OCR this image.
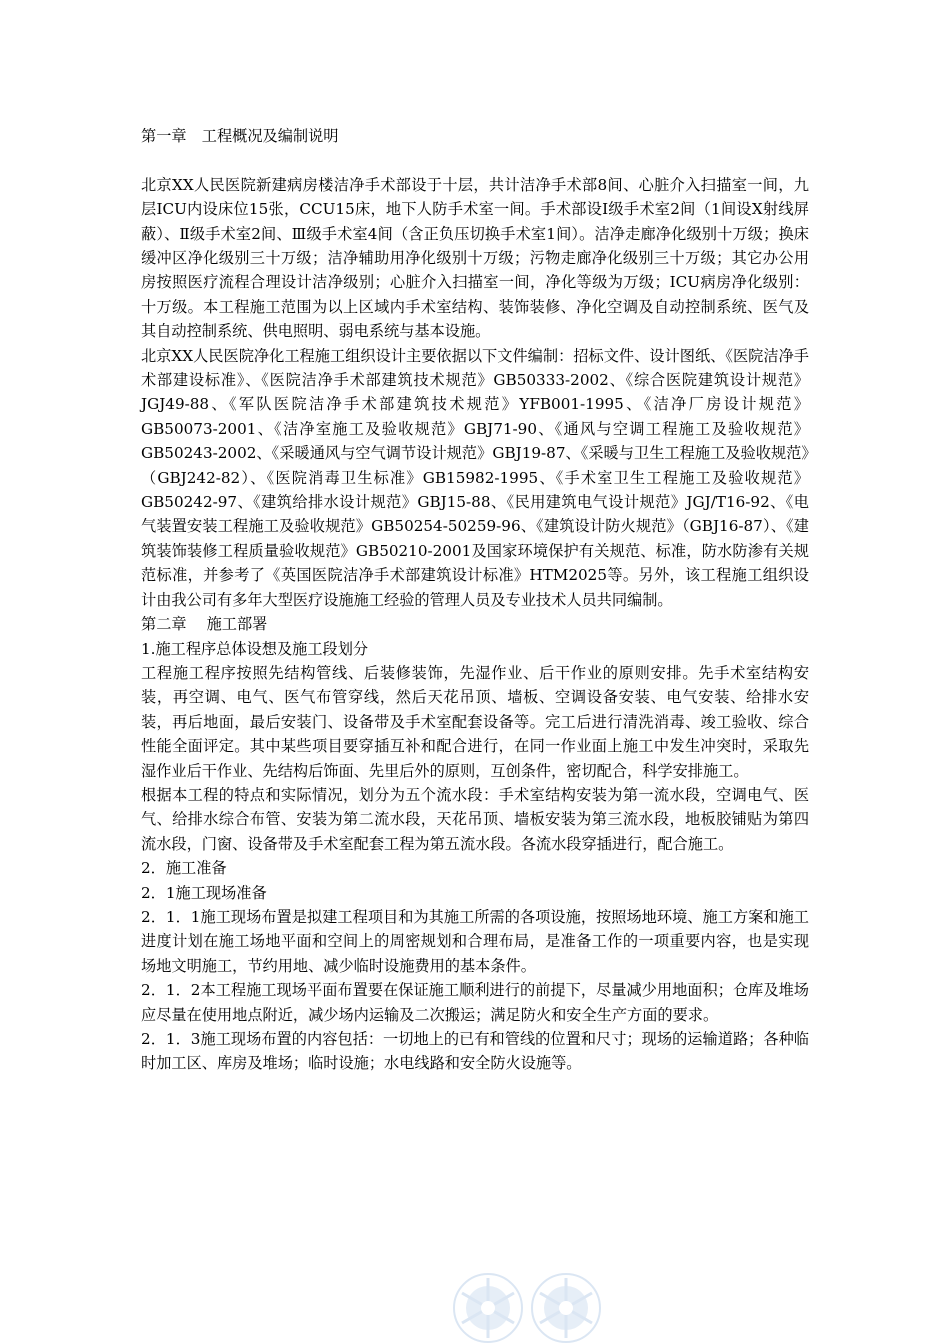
第一章　工程概况及编制说明

北京XX人民医院新建病房楼洁净手术部设于十层，共计洁净手术部8间、心脏介入扫描室一间，九层ICU内设床位15张，CCU15床，地下人防手术室一间。手术部设Ⅰ级手术室2间（1间设X射线屏蔽）、Ⅱ级手术室2间、Ⅲ级手术室4间（含正负压切换手术室1间）。洁净走廊净化级别十万级；换床缓冲区净化级别三十万级；洁净辅助用净化级别十万级；污物走廊净化级别三十万级；其它办公用房按照医疗流程合理设计洁净级别；心脏介入扫描室一间，净化等级为万级；ICU病房净化级别：十万级。本工程施工范围为以上区域内手术室结构、装饰装修、净化空调及自动控制系统、医气及其自动控制系统、供电照明、弱电系统与基本设施。

北京XX人民医院净化工程施工组织设计主要依据以下文件编制：招标文件、设计图纸、《医院洁净手术部建设标准》、《医院洁净手术部建筑技术规范》GB50333-2002、《综合医院建筑设计规范》JGJ49-88、《军队医院洁净手术部建筑技术规范》YFB001-1995、《洁净厂房设计规范》GB50073-2001、《洁净室施工及验收规范》GBJ71-90、《通风与空调工程施工及验收规范》GB50243-2002、《采暖通风与空气调节设计规范》GBJ19-87、《采暖与卫生工程施工及验收规范》（GBJ242-82）、《医院消毒卫生标准》GB15982-1995、《手术室卫生工程施工及验收规范》GB50242-97、《建筑给排水设计规范》GBJ15-88、《民用建筑电气设计规范》JGJ/T16-92、《电气装置安装工程施工及验收规范》GB50254-50259-96、《建筑设计防火规范》（GBJ16-87）、《建筑装饰装修工程质量验收规范》GB50210-2001及国家环境保护有关规范、标准，防水防渗有关规范标准，并参考了《英国医院洁净手术部建筑设计标准》HTM2025等。另外，该工程施工组织设计由我公司有多年大型医疗设施施工经验的管理人员及专业技术人员共同编制。

第二章　 施工部署

1.施工程序总体设想及施工段划分

工程施工程序按照先结构管线、后装修装饰，先湿作业、后干作业的原则安排。先手术室结构安装，再空调、电气、医气布管穿线，然后天花吊顶、墙板、空调设备安装、电气安装、给排水安装，再后地面，最后安装门、设备带及手术室配套设备等。完工后进行清洗消毒、竣工验收、综合性能全面评定。其中某些项目要穿插互补和配合进行，在同一作业面上施工中发生冲突时，采取先湿作业后干作业、先结构后饰面、先里后外的原则，互创条件，密切配合，科学安排施工。

根据本工程的特点和实际情况，划分为五个流水段：手术室结构安装为第一流水段，空调电气、医气、给排水综合布管、安装为第二流水段，天花吊顶、墙板安装为第三流水段，地板胶铺贴为第四流水段，门窗、设备带及手术室配套工程为第五流水段。各流水段穿插进行，配合施工。

2．施工准备

2．1施工现场准备

2．1．1施工现场布置是拟建工程项目和为其施工所需的各项设施，按照场地环境、施工方案和施工进度计划在施工场地平面和空间上的周密规划和合理布局，是准备工作的一项重要内容，也是实现场地文明施工，节约用地、减少临时设施费用的基本条件。

2．1．2本工程施工现场平面布置要在保证施工顺利进行的前提下，尽量减少用地面积；仓库及堆场应尽量在使用地点附近，减少场内运输及二次搬运；满足防火和安全生产方面的要求。

2．1．3施工现场布置的内容包括：一切地上的已有和管线的位置和尺寸；现场的运输道路；各种临时加工区、库房及堆场；临时设施；水电线路和安全防火设施等。
